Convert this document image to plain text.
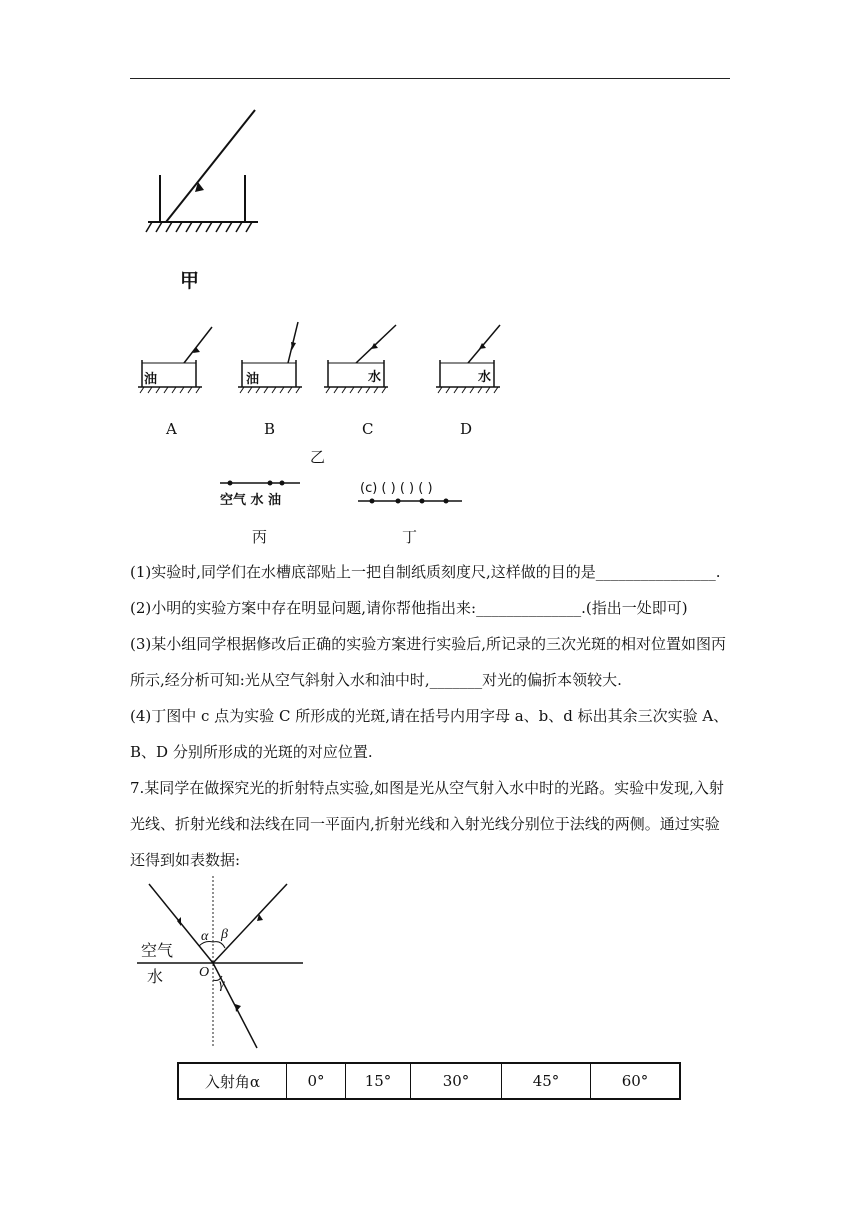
甲
油	油	水	水
A	B	C	D
乙
空气 水 油
丙
(c) ( ) ( ) ( )
丁

(1)实验时,同学们在水槽底部贴上一把自制纸质刻度尺,这样做的目的是________________.

(2)小明的实验方案中存在明显问题,请你帮他指出来:______________.(指出一处即可)

(3)某小组同学根据修改后正确的实验方案进行实验后,所记录的三次光斑的相对位置如图丙所示,经分析可知:光从空气斜射入水和油中时,_______对光的偏折本领较大.

(4)丁图中 c 点为实验 C 所形成的光斑,请在括号内用字母 a、b、d 标出其余三次实验 A、B、D 分别所形成的光斑的对应位置.

7.某同学在做探究光的折射特点实验,如图是光从空气射入水中时的光路。实验中发现,入射光线、折射光线和法线在同一平面内,折射光线和入射光线分别位于法线的两侧。通过实验还得到如表数据:

空气
水	O
α β
γ
入射角α	0°	15°	30°	45°	60°
